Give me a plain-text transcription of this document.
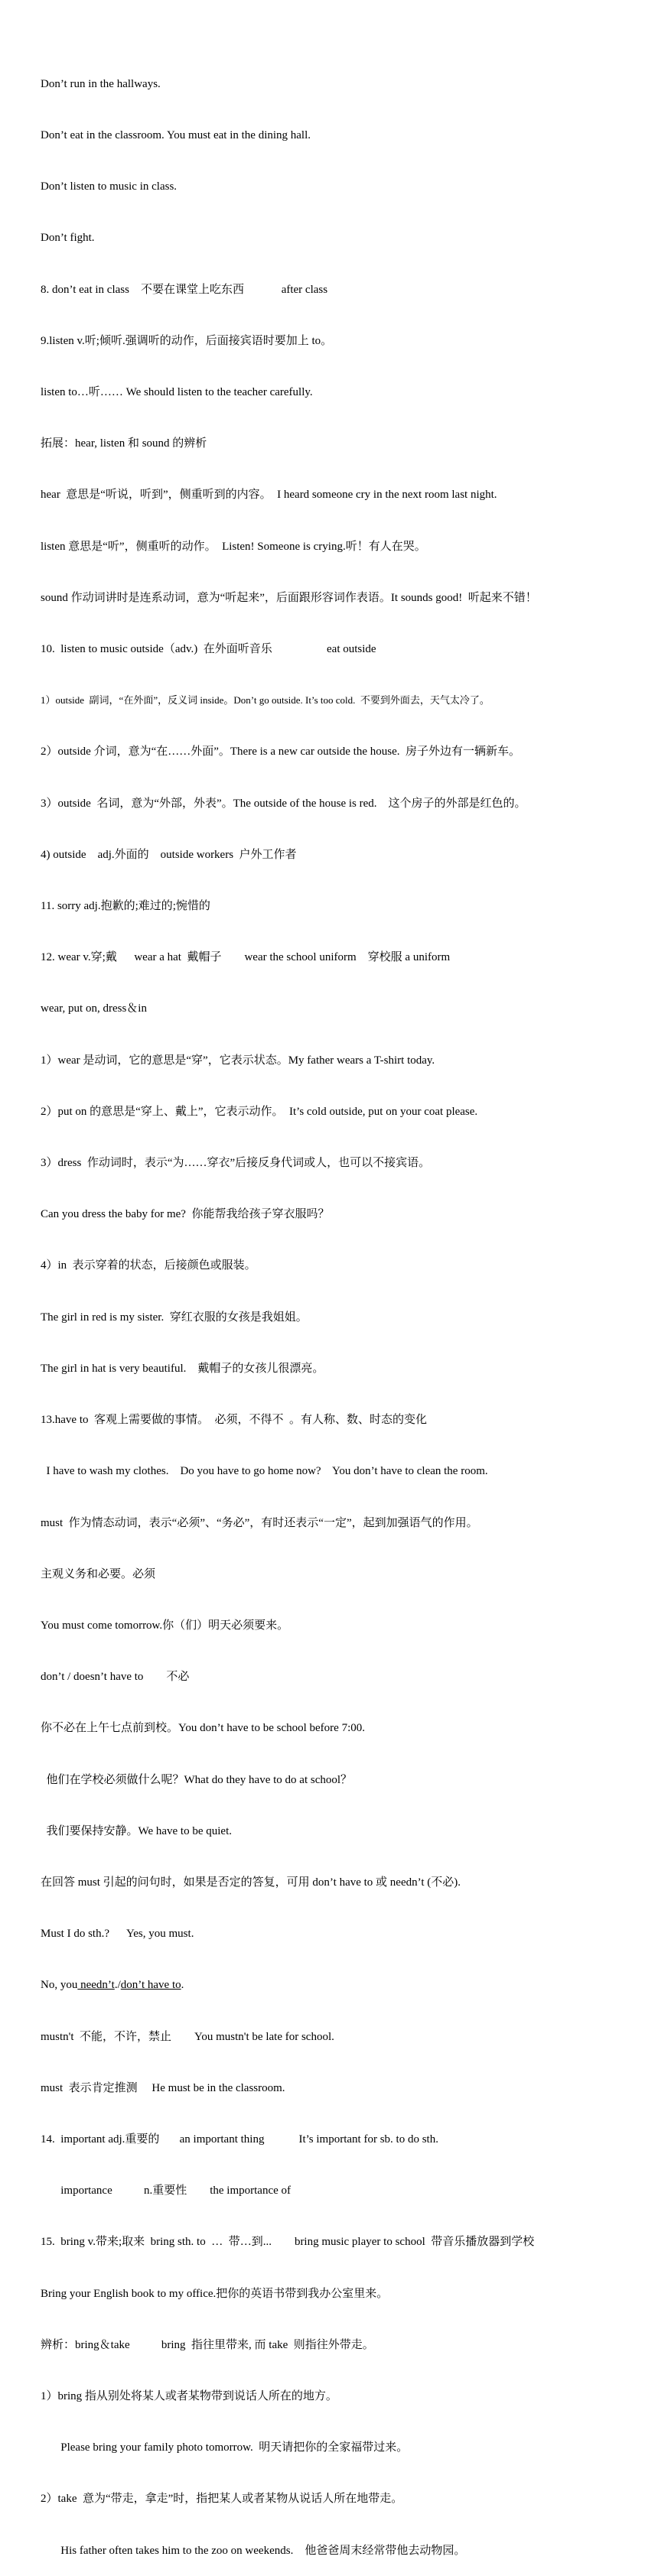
Don’t run in the hallways.

Don’t eat in the classroom. You must eat in the dining hall.

Don’t listen to music in class.

Don’t fight.

8. don’t eat in class    不要在课堂上吃东西             after class

9.listen v.听;倾听.强调听的动作，后面接宾语时要加上 to。

listen to…听…… We should listen to the teacher carefully.

拓展：hear, listen 和 sound 的辨析

hear  意思是“听说，听到”，侧重听到的内容。  I heard someone cry in the next room last night.

listen 意思是“听”，侧重听的动作。  Listen! Someone is crying.听！有人在哭。

sound 作动词讲时是连系动词，意为“听起来”，后面跟形容词作表语。It sounds good!  听起来不错！

10.  listen to music outside（adv.)  在外面听音乐                   eat outside

1）outside  副词，“在外面”，反义词 inside。Don’t go outside. It’s too cold.  不要到外面去，天气太冷了。

2）outside 介词，意为“在……外面”。There is a new car outside the house.  房子外边有一辆新车。

3）outside  名词，意为“外部，外表”。The outside of the house is red.    这个房子的外部是红色的。

4) outside    adj.外面的    outside workers  户外工作者

11. sorry adj.抱歉的;难过的;惋惜的

12. wear v.穿;戴      wear a hat  戴帽子        wear the school uniform    穿校服 a uniform

wear, put on, dress＆in

1）wear 是动词，它的意思是“穿”，它表示状态。My father wears a T-shirt today.

2）put on 的意思是“穿上、戴上”，它表示动作。  It’s cold outside, put on your coat please.

3）dress  作动词时，表示“为……穿衣”后接反身代词或人，也可以不接宾语。

Can you dress the baby for me?  你能帮我给孩子穿衣服吗？

4）in  表示穿着的状态，后接颜色或服装。

The girl in red is my sister.  穿红衣服的女孩是我姐姐。

The girl in hat is very beautiful.    戴帽子的女孩儿很漂亮。

13.have to  客观上需要做的事情。  必须，不得不  。有人称、数、时态的变化

I have to wash my clothes.    Do you have to go home now?    You don’t have to clean the room.

must  作为情态动词，表示“必须”、“务必”，有时还表示“一定”，起到加强语气的作用。

主观义务和必要。必须

You must come tomorrow.你（们）明天必须要来。

don’t / doesn’t have to        不必

你不必在上午七点前到校。You don’t have to be school before 7:00.

他们在学校必须做什么呢？What do they have to do at school？

我们要保持安静。We have to be quiet.

在回答 must 引起的问句时，如果是否定的答复，可用 don’t have to 或 needn’t (不必).

Must I do sth.?      Yes, you must.

No, you needn’t./don’t have to.

mustn't  不能，不许，禁止        You mustn't be late for school.

must  表示肯定推测     He must be in the classroom.

14.  important adj.重要的       an important thing            It’s important for sb. to do sth.

importance           n.重要性        the importance of

15.  bring v.带来;取来  bring sth. to  …  带…到...        bring music player to school  带音乐播放器到学校

Bring your English book to my office.把你的英语书带到我办公室里来。

辨析：bring＆take           bring  指往里带来, 而 take  则指往外带走。

1）bring 指从别处将某人或者某物带到说话人所在的地方。

Please bring your family photo tomorrow.  明天请把你的全家福带过来。

2）take  意为“带走，拿走”时，指把某人或者某物从说话人所在地带走。

His father often takes him to the zoo on weekends.    他爸爸周末经常带他去动物园。
